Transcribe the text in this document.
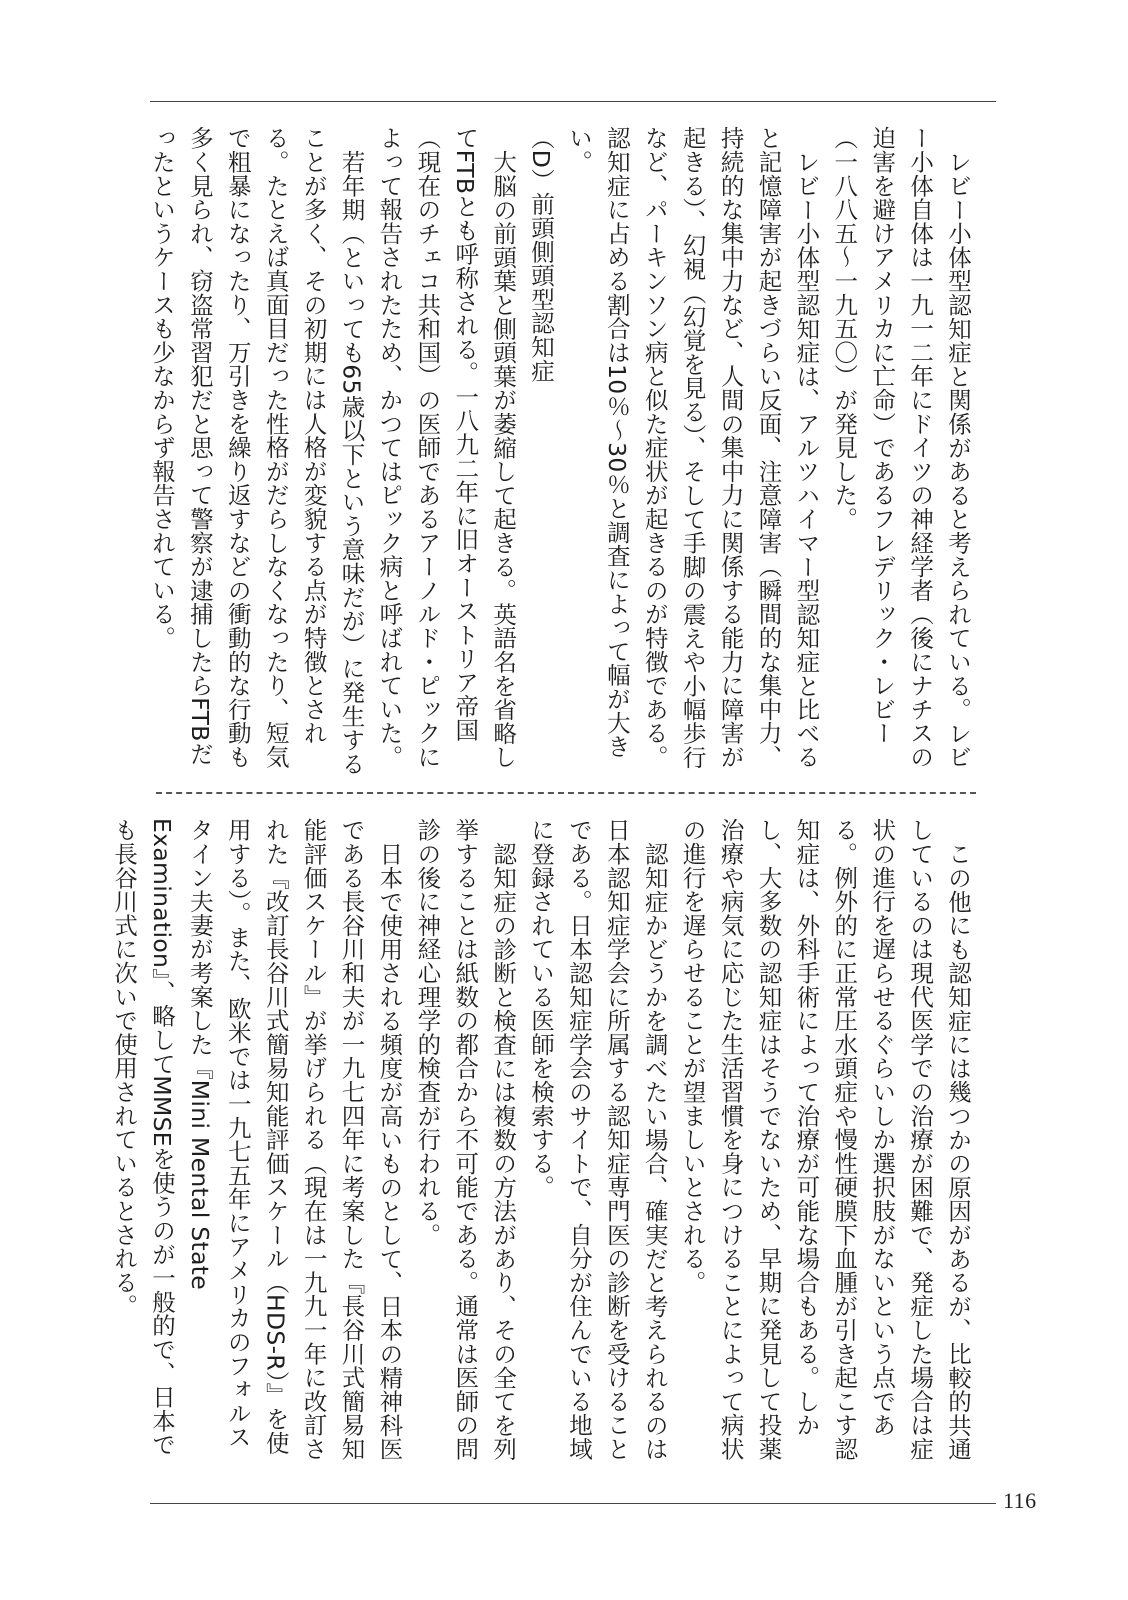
レビー小体型認知症と関係があると考えられている。レビー小体自体は一九一二年にドイツの神経学者（後にナチスの迫害を避けアメリカに亡命）であるフレデリック・レビー（一八八五〜一九五〇）が発見した。

レビー小体型認知症は、アルツハイマー型認知症と比べると記憶障害が起きづらい反面、注意障害（瞬間的な集中力、持続的な集中力など、人間の集中力に関係する能力に障害が起きる）、幻視（幻覚を見る）、そして手脚の震えや小幅歩行など、パーキンソン病と似た症状が起きるのが特徴である。認知症に占める割合は10％〜30％と調査によって幅が大きい。

（D）前頭側頭型認知症

大脳の前頭葉と側頭葉が萎縮して起きる。英語名を省略してFTBとも呼称される。一八九二年に旧オーストリア帝国（現在のチェコ共和国）の医師であるアーノルド・ピックによって報告されたため、かつてはピック病と呼ばれていた。

若年期（といっても65歳以下という意味だが）に発生することが多く、その初期には人格が変貌する点が特徴とされる。たとえば真面目だった性格がだらしなくなったり、短気で粗暴になったり、万引きを繰り返すなどの衝動的な行動も多く見られ、窃盗常習犯だと思って警察が逮捕したらFTBだったというケースも少なからず報告されている。

この他にも認知症には幾つかの原因があるが、比較的共通しているのは現代医学での治療が困難で、発症した場合は症状の進行を遅らせるぐらいしか選択肢がないという点である。例外的に正常圧水頭症や慢性硬膜下血腫が引き起こす認知症は、外科手術によって治療が可能な場合もある。しかし、大多数の認知症はそうでないため、早期に発見して投薬治療や病気に応じた生活習慣を身につけることによって病状の進行を遅らせることが望ましいとされる。

認知症かどうかを調べたい場合、確実だと考えられるのは日本認知症学会に所属する認知症専門医の診断を受けることである。日本認知症学会のサイトで、自分が住んでいる地域に登録されている医師を検索する。

認知症の診断と検査には複数の方法があり、その全てを列挙することは紙数の都合から不可能である。通常は医師の問診の後に神経心理学的検査が行われる。

日本で使用される頻度が高いものとして、日本の精神科医である長谷川和夫が一九七四年に考案した『長谷川式簡易知能評価スケール』が挙げられる（現在は一九九一年に改訂された『改訂長谷川式簡易知能評価スケール（HDS-R）』を使用する）。また、欧米では一九七五年にアメリカのフォルスタイン夫妻が考案した『Mini Mental State Examination』、略してMMSEを使うのが一般的で、日本でも長谷川式に次いで使用されているとされる。

116
